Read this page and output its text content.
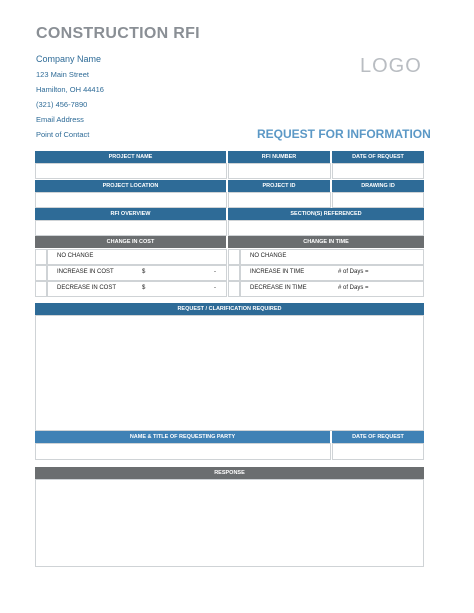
CONSTRUCTION RFI
Company Name
123 Main Street
Hamilton, OH 44416
(321) 456-7890
Email Address
Point of Contact
LOGO
REQUEST FOR INFORMATION
PROJECT NAME	RFI NUMBER	DATE OF REQUEST
PROJECT LOCATION	PROJECT ID	DRAWING ID
RFI OVERVIEW	SECTION(S) REFERENCED
CHANGE IN COST	CHANGE IN TIME
NO CHANGE
INCREASE IN COST	$	-
DECREASE IN COST	$	-
NO CHANGE
INCREASE IN TIME	# of Days =
DECREASE IN TIME	# of Days =
REQUEST / CLARIFICATION REQUIRED
NAME & TITLE OF REQUESTING PARTY	DATE OF REQUEST
RESPONSE
